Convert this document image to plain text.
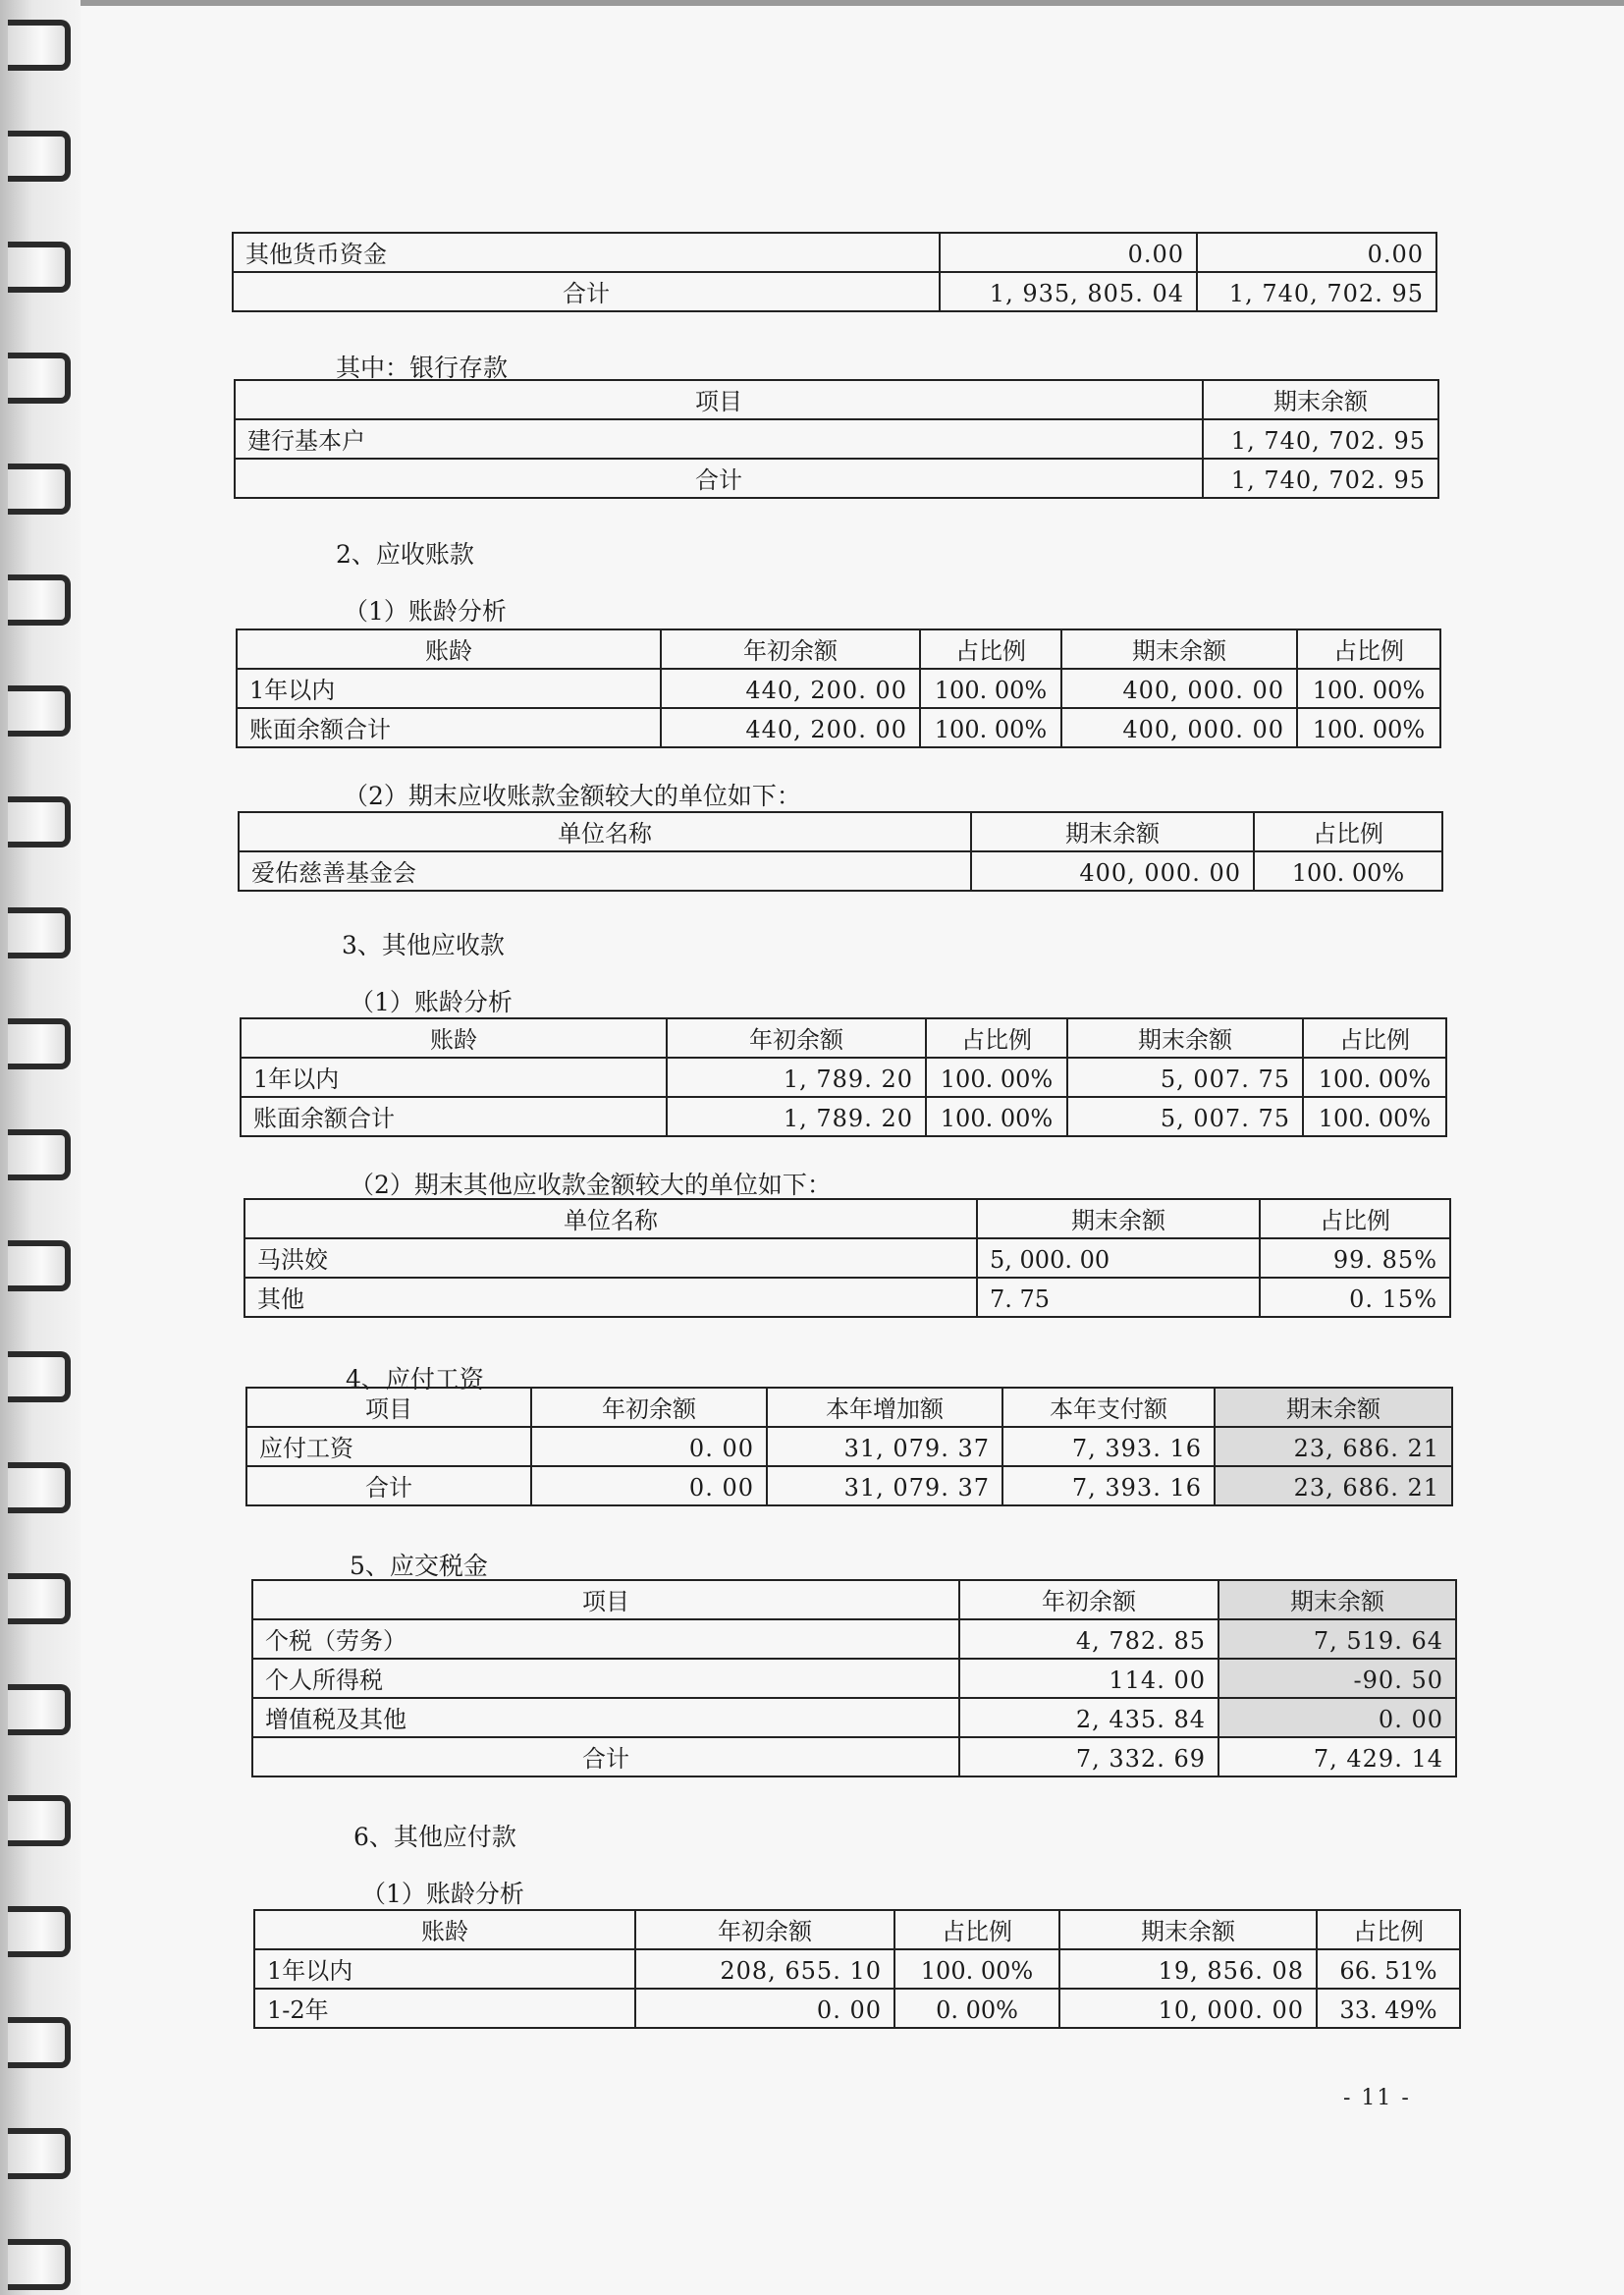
其他货币资金	0.00	0.00
合计	1, 935, 805. 04	1, 740, 702. 95
其中：银行存款
项目	期末余额
建行基本户	1, 740, 702. 95
合计	1, 740, 702. 95
2、应收账款
（1）账龄分析
账龄	年初余额	占比例	期末余额	占比例
1年以内	440, 200. 00	100. 00%	400, 000. 00	100. 00%
账面余额合计	440, 200. 00	100. 00%	400, 000. 00	100. 00%
（2）期末应收账款金额较大的单位如下：
单位名称	期末余额	占比例
爱佑慈善基金会	400, 000. 00	100. 00%
3、其他应收款
（1）账龄分析
账龄	年初余额	占比例	期末余额	占比例
1年以内	1, 789. 20	100. 00%	5, 007. 75	100. 00%
账面余额合计	1, 789. 20	100. 00%	5, 007. 75	100. 00%
（2）期末其他应收款金额较大的单位如下：
单位名称	期末余额	占比例
马洪姣	5, 000. 00	99. 85%
其他	7. 75	0. 15%
4、应付工资
项目	年初余额	本年增加额	本年支付额	期末余额
应付工资	0. 00	31, 079. 37	7, 393. 16	23, 686. 21
合计	0. 00	31, 079. 37	7, 393. 16	23, 686. 21
5、应交税金
项目	年初余额	期末余额
个税（劳务）	4, 782. 85	7, 519. 64
个人所得税	114. 00	-90. 50
增值税及其他	2, 435. 84	0. 00
合计	7, 332. 69	7, 429. 14
6、其他应付款
（1）账龄分析
账龄	年初余额	占比例	期末余额	占比例
1年以内	208, 655. 10	100. 00%	19, 856. 08	66. 51%
1-2年	0. 00	0. 00%	10, 000. 00	33. 49%
- 11 -
